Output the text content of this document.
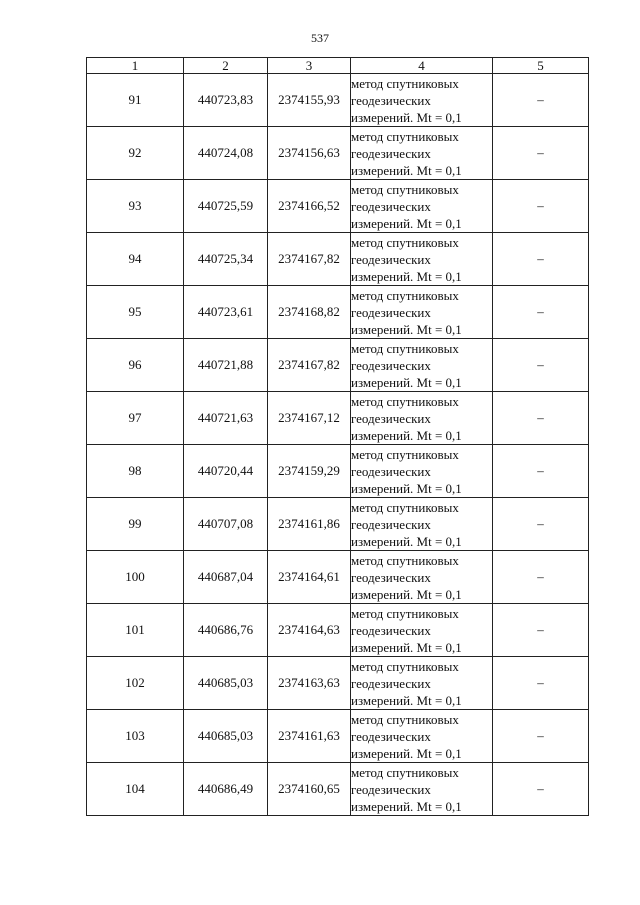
537
1	2	3	4	5
91	440723,83	2374155,93	метод спутниковых
геодезических
измерений. Mt = 0,1	–
92	440724,08	2374156,63	метод спутниковых
геодезических
измерений. Mt = 0,1	–
93	440725,59	2374166,52	метод спутниковых
геодезических
измерений. Mt = 0,1	–
94	440725,34	2374167,82	метод спутниковых
геодезических
измерений. Mt = 0,1	–
95	440723,61	2374168,82	метод спутниковых
геодезических
измерений. Mt = 0,1	–
96	440721,88	2374167,82	метод спутниковых
геодезических
измерений. Mt = 0,1	–
97	440721,63	2374167,12	метод спутниковых
геодезических
измерений. Mt = 0,1	–
98	440720,44	2374159,29	метод спутниковых
геодезических
измерений. Mt = 0,1	–
99	440707,08	2374161,86	метод спутниковых
геодезических
измерений. Mt = 0,1	–
100	440687,04	2374164,61	метод спутниковых
геодезических
измерений. Mt = 0,1	–
101	440686,76	2374164,63	метод спутниковых
геодезических
измерений. Mt = 0,1	–
102	440685,03	2374163,63	метод спутниковых
геодезических
измерений. Mt = 0,1	–
103	440685,03	2374161,63	метод спутниковых
геодезических
измерений. Mt = 0,1	–
104	440686,49	2374160,65	метод спутниковых
геодезических
измерений. Mt = 0,1	–
